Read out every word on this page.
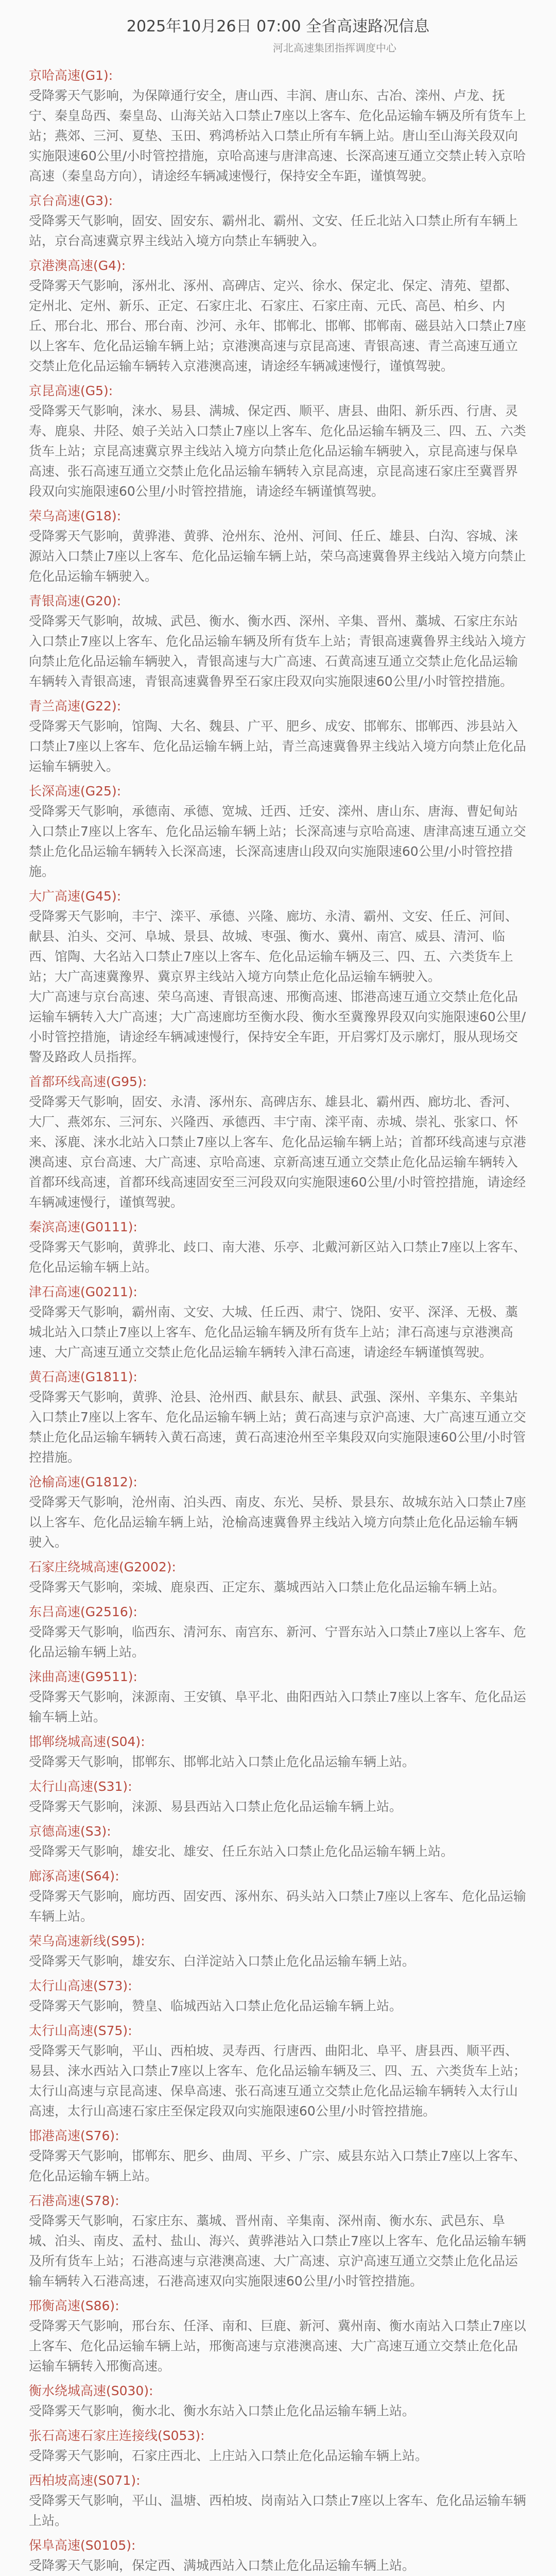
2025年10月26日 07:00 全省高速路况信息
河北高速集团指挥调度中心
京哈高速(G1):

受降雾天气影响，为保障通行安全，唐山西、丰润、唐山东、古冶、滦州、卢龙、抚宁、秦皇岛西、秦皇岛、山海关站入口禁止7座以上客车、危化品运输车辆及所有货车上站；燕郊、三河、夏垫、玉田、鸦鸿桥站入口禁止所有车辆上站。唐山至山海关段双向实施限速60公里/小时管控措施，京哈高速与唐津高速、长深高速互通立交禁止转入京哈高速（秦皇岛方向），请途经车辆减速慢行，保持安全车距，谨慎驾驶。

京台高速(G3):

受降雾天气影响，固安、固安东、霸州北、霸州、文安、任丘北站入口禁止所有车辆上站，京台高速冀京界主线站入境方向禁止车辆驶入。

京港澳高速(G4):

受降雾天气影响，涿州北、涿州、高碑店、定兴、徐水、保定北、保定、清苑、望都、定州北、定州、新乐、正定、石家庄北、石家庄、石家庄南、元氏、高邑、柏乡、内丘、邢台北、邢台、邢台南、沙河、永年、邯郸北、邯郸、邯郸南、磁县站入口禁止7座以上客车、危化品运输车辆上站；京港澳高速与京昆高速、青银高速、青兰高速互通立交禁止危化品运输车辆转入京港澳高速，请途经车辆减速慢行，谨慎驾驶。

京昆高速(G5):

受降雾天气影响，涞水、易县、满城、保定西、顺平、唐县、曲阳、新乐西、行唐、灵寿、鹿泉、井陉、娘子关站入口禁止7座以上客车、危化品运输车辆及三、四、五、六类货车上站；京昆高速冀京界主线站入境方向禁止危化品运输车辆驶入，京昆高速与保阜高速、张石高速互通立交禁止危化品运输车辆转入京昆高速，京昆高速石家庄至冀晋界段双向实施限速60公里/小时管控措施，请途经车辆谨慎驾驶。

荣乌高速(G18):

受降雾天气影响，黄骅港、黄骅、沧州东、沧州、河间、任丘、雄县、白沟、容城、涞源站入口禁止7座以上客车、危化品运输车辆上站，荣乌高速冀鲁界主线站入境方向禁止危化品运输车辆驶入。

青银高速(G20):

受降雾天气影响，故城、武邑、衡水、衡水西、深州、辛集、晋州、藁城、石家庄东站入口禁止7座以上客车、危化品运输车辆及所有货车上站；青银高速冀鲁界主线站入境方向禁止危化品运输车辆驶入，青银高速与大广高速、石黄高速互通立交禁止危化品运输车辆转入青银高速，青银高速冀鲁界至石家庄段双向实施限速60公里/小时管控措施。

青兰高速(G22):

受降雾天气影响，馆陶、大名、魏县、广平、肥乡、成安、邯郸东、邯郸西、涉县站入口禁止7座以上客车、危化品运输车辆上站，青兰高速冀鲁界主线站入境方向禁止危化品运输车辆驶入。

长深高速(G25):

受降雾天气影响，承德南、承德、宽城、迁西、迁安、滦州、唐山东、唐海、曹妃甸站入口禁止7座以上客车、危化品运输车辆上站；长深高速与京哈高速、唐津高速互通立交禁止危化品运输车辆转入长深高速，长深高速唐山段双向实施限速60公里/小时管控措施。

大广高速(G45):

受降雾天气影响，丰宁、滦平、承德、兴隆、廊坊、永清、霸州、文安、任丘、河间、献县、泊头、交河、阜城、景县、故城、枣强、衡水、冀州、南宫、威县、清河、临西、馆陶、大名站入口禁止7座以上客车、危化品运输车辆及三、四、五、六类货车上站；大广高速冀豫界、冀京界主线站入境方向禁止危化品运输车辆驶入。

大广高速与京台高速、荣乌高速、青银高速、邢衡高速、邯港高速互通立交禁止危化品运输车辆转入大广高速；大广高速廊坊至衡水段、衡水至冀豫界段双向实施限速60公里/小时管控措施，请途经车辆减速慢行，保持安全车距，开启雾灯及示廓灯，服从现场交警及路政人员指挥。

首都环线高速(G95):

受降雾天气影响，固安、永清、涿州东、高碑店东、雄县北、霸州西、廊坊北、香河、大厂、燕郊东、三河东、兴隆西、承德西、丰宁南、滦平南、赤城、崇礼、张家口、怀来、涿鹿、涞水北站入口禁止7座以上客车、危化品运输车辆上站；首都环线高速与京港澳高速、京台高速、大广高速、京哈高速、京新高速互通立交禁止危化品运输车辆转入首都环线高速，首都环线高速固安至三河段双向实施限速60公里/小时管控措施，请途经车辆减速慢行，谨慎驾驶。

秦滨高速(G0111):

受降雾天气影响，黄骅北、歧口、南大港、乐亭、北戴河新区站入口禁止7座以上客车、危化品运输车辆上站。

津石高速(G0211):

受降雾天气影响，霸州南、文安、大城、任丘西、肃宁、饶阳、安平、深泽、无极、藁城北站入口禁止7座以上客车、危化品运输车辆及所有货车上站；津石高速与京港澳高速、大广高速互通立交禁止危化品运输车辆转入津石高速，请途经车辆谨慎驾驶。

黄石高速(G1811):

受降雾天气影响，黄骅、沧县、沧州西、献县东、献县、武强、深州、辛集东、辛集站入口禁止7座以上客车、危化品运输车辆上站；黄石高速与京沪高速、大广高速互通立交禁止危化品运输车辆转入黄石高速，黄石高速沧州至辛集段双向实施限速60公里/小时管控措施。

沧榆高速(G1812):

受降雾天气影响，沧州南、泊头西、南皮、东光、吴桥、景县东、故城东站入口禁止7座以上客车、危化品运输车辆上站，沧榆高速冀鲁界主线站入境方向禁止危化品运输车辆驶入。

石家庄绕城高速(G2002):

受降雾天气影响，栾城、鹿泉西、正定东、藁城西站入口禁止危化品运输车辆上站。

东吕高速(G2516):

受降雾天气影响，临西东、清河东、南宫东、新河、宁晋东站入口禁止7座以上客车、危化品运输车辆上站。

涞曲高速(G9511):

受降雾天气影响，涞源南、王安镇、阜平北、曲阳西站入口禁止7座以上客车、危化品运输车辆上站。

邯郸绕城高速(S04):

受降雾天气影响，邯郸东、邯郸北站入口禁止危化品运输车辆上站。

太行山高速(S31):

受降雾天气影响，涞源、易县西站入口禁止危化品运输车辆上站。

京德高速(S3):

受降雾天气影响，雄安北、雄安、任丘东站入口禁止危化品运输车辆上站。

廊涿高速(S64):

受降雾天气影响，廊坊西、固安西、涿州东、码头站入口禁止7座以上客车、危化品运输车辆上站。

荣乌高速新线(S95):

受降雾天气影响，雄安东、白洋淀站入口禁止危化品运输车辆上站。

太行山高速(S73):

受降雾天气影响，赞皇、临城西站入口禁止危化品运输车辆上站。

太行山高速(S75):

受降雾天气影响，平山、西柏坡、灵寿西、行唐西、曲阳北、阜平、唐县西、顺平西、易县、涞水西站入口禁止7座以上客车、危化品运输车辆及三、四、五、六类货车上站；太行山高速与京昆高速、保阜高速、张石高速互通立交禁止危化品运输车辆转入太行山高速，太行山高速石家庄至保定段双向实施限速60公里/小时管控措施。

邯港高速(S76):

受降雾天气影响，邯郸东、肥乡、曲周、平乡、广宗、威县东站入口禁止7座以上客车、危化品运输车辆上站。

石港高速(S78):

受降雾天气影响，石家庄东、藁城、晋州南、辛集南、深州南、衡水东、武邑东、阜城、泊头、南皮、孟村、盐山、海兴、黄骅港站入口禁止7座以上客车、危化品运输车辆及所有货车上站；石港高速与京港澳高速、大广高速、京沪高速互通立交禁止危化品运输车辆转入石港高速，石港高速双向实施限速60公里/小时管控措施。

邢衡高速(S86):

受降雾天气影响，邢台东、任泽、南和、巨鹿、新河、冀州南、衡水南站入口禁止7座以上客车、危化品运输车辆上站，邢衡高速与京港澳高速、大广高速互通立交禁止危化品运输车辆转入邢衡高速。

衡水绕城高速(S030):

受降雾天气影响，衡水北、衡水东站入口禁止危化品运输车辆上站。

张石高速石家庄连接线(S053):

受降雾天气影响，石家庄西北、上庄站入口禁止危化品运输车辆上站。

西柏坡高速(S071):

受降雾天气影响，平山、温塘、西柏坡、岗南站入口禁止7座以上客车、危化品运输车辆上站。

保阜高速(S0105):

受降雾天气影响，保定西、满城西站入口禁止危化品运输车辆上站。
